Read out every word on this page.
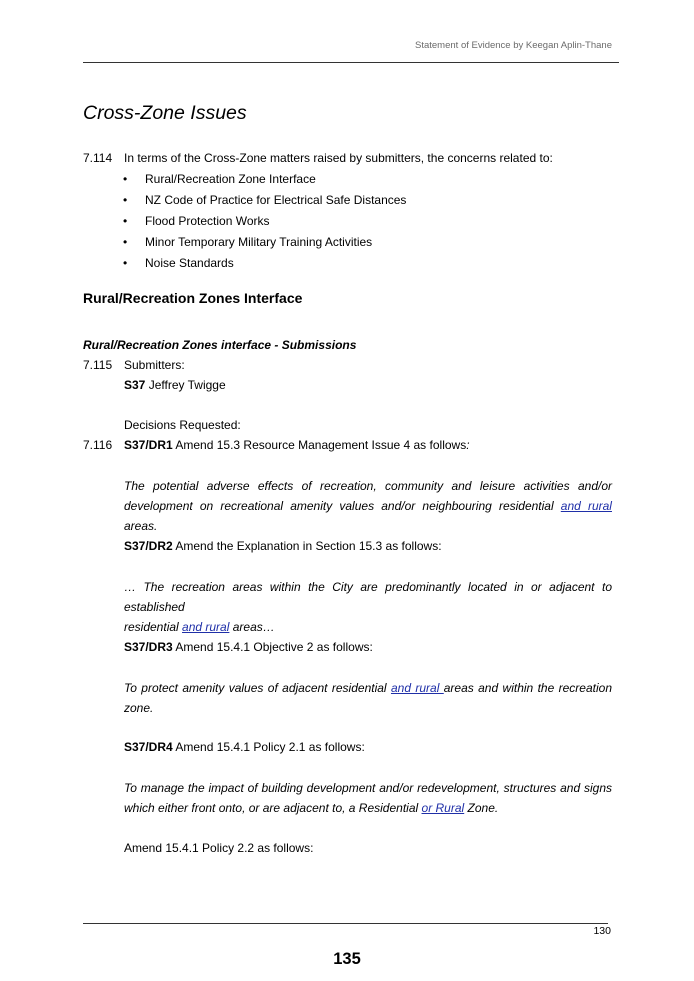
Statement of Evidence by Keegan Aplin-Thane
Cross-Zone Issues
7.114 In terms of the Cross-Zone matters raised by submitters, the concerns related to:
• Rural/Recreation Zone Interface
• NZ Code of Practice for Electrical Safe Distances
• Flood Protection Works
• Minor Temporary Military Training Activities
• Noise Standards
Rural/Recreation Zones Interface
Rural/Recreation Zones interface - Submissions
7.115 Submitters:
S37 Jeffrey Twigge
Decisions Requested:
7.116 S37/DR1 Amend 15.3 Resource Management Issue 4 as follows:
The potential adverse effects of recreation, community and leisure activities and/or
development on recreational amenity values and/or neighbouring residential and rural areas.
S37/DR2 Amend the Explanation in Section 15.3 as follows:
… The recreation areas within the City are predominantly located in or adjacent to established
residential and rural areas…
S37/DR3 Amend 15.4.1 Objective 2 as follows:
To protect amenity values of adjacent residential and rural areas and within the recreation
zone.
S37/DR4 Amend 15.4.1 Policy 2.1 as follows:
To manage the impact of building development and/or redevelopment, structures and signs
which either front onto, or are adjacent to, a Residential or Rural Zone.
Amend 15.4.1 Policy 2.2 as follows:
130
135
